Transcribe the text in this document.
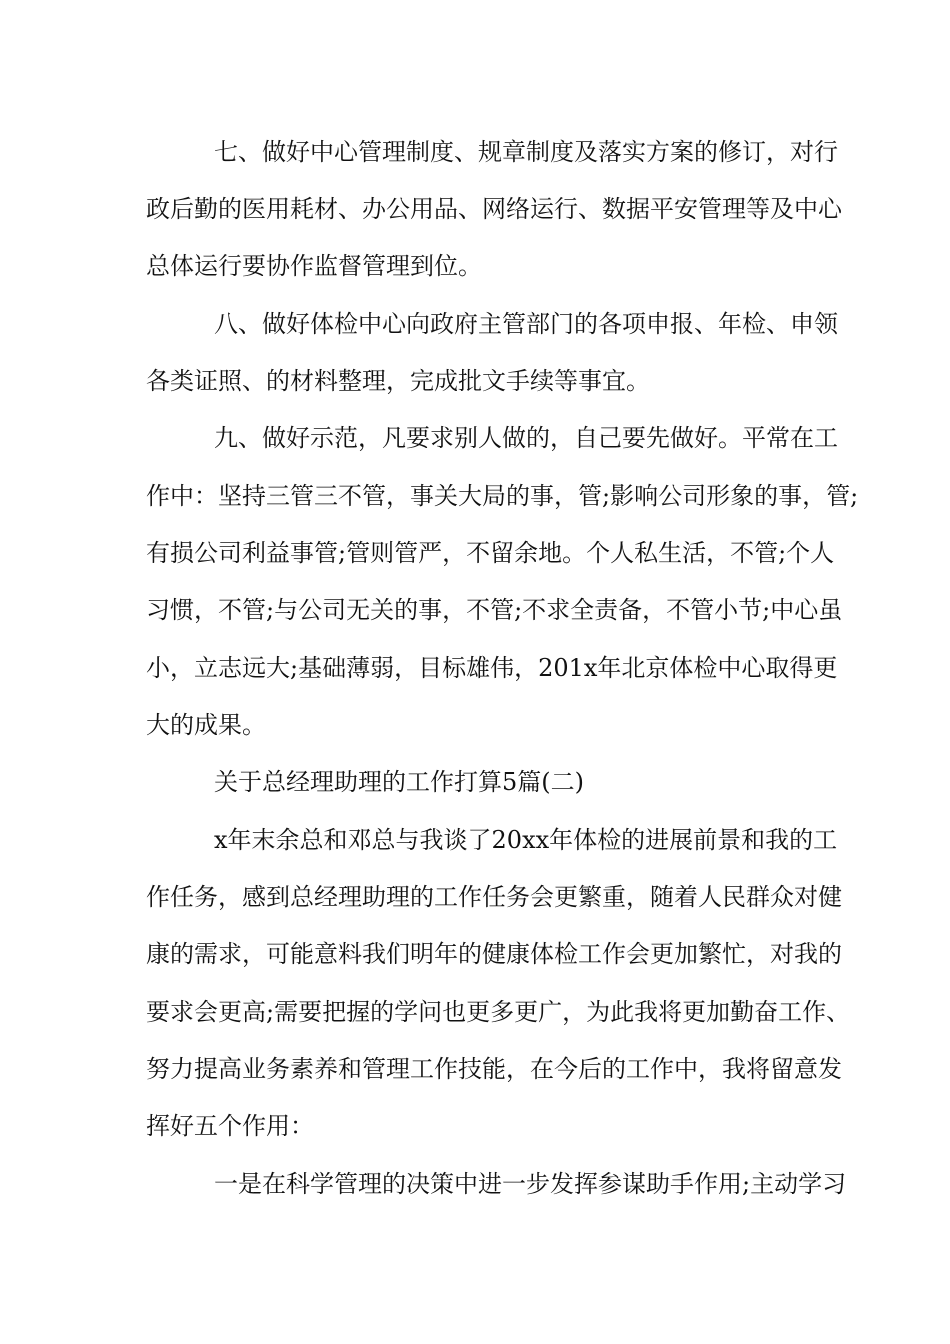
七、做好中心管理制度、规章制度及落实方案的修订，对行
政后勤的医用耗材、办公用品、网络运行、数据平安管理等及中心
总体运行要协作监督管理到位。
八、做好体检中心向政府主管部门的各项申报、年检、申领
各类证照、的材料整理，完成批文手续等事宜。
九、做好示范，凡要求别人做的，自己要先做好。平常在工
作中：坚持三管三不管，事关大局的事，管;影响公司形象的事，管;
有损公司利益事管;管则管严，不留余地。个人私生活，不管;个人
习惯，不管;与公司无关的事，不管;不求全责备，不管小节;中心虽
小，立志远大;基础薄弱，目标雄伟，201x年北京体检中心取得更
大的成果。
关于总经理助理的工作打算5篇(二)
x年末余总和邓总与我谈了20xx年体检的进展前景和我的工
作任务，感到总经理助理的工作任务会更繁重，随着人民群众对健
康的需求，可能意料我们明年的健康体检工作会更加繁忙，对我的
要求会更高;需要把握的学问也更多更广，为此我将更加勤奋工作、
努力提高业务素养和管理工作技能，在今后的工作中，我将留意发
挥好五个作用：
一是在科学管理的决策中进一步发挥参谋助手作用;主动学习
